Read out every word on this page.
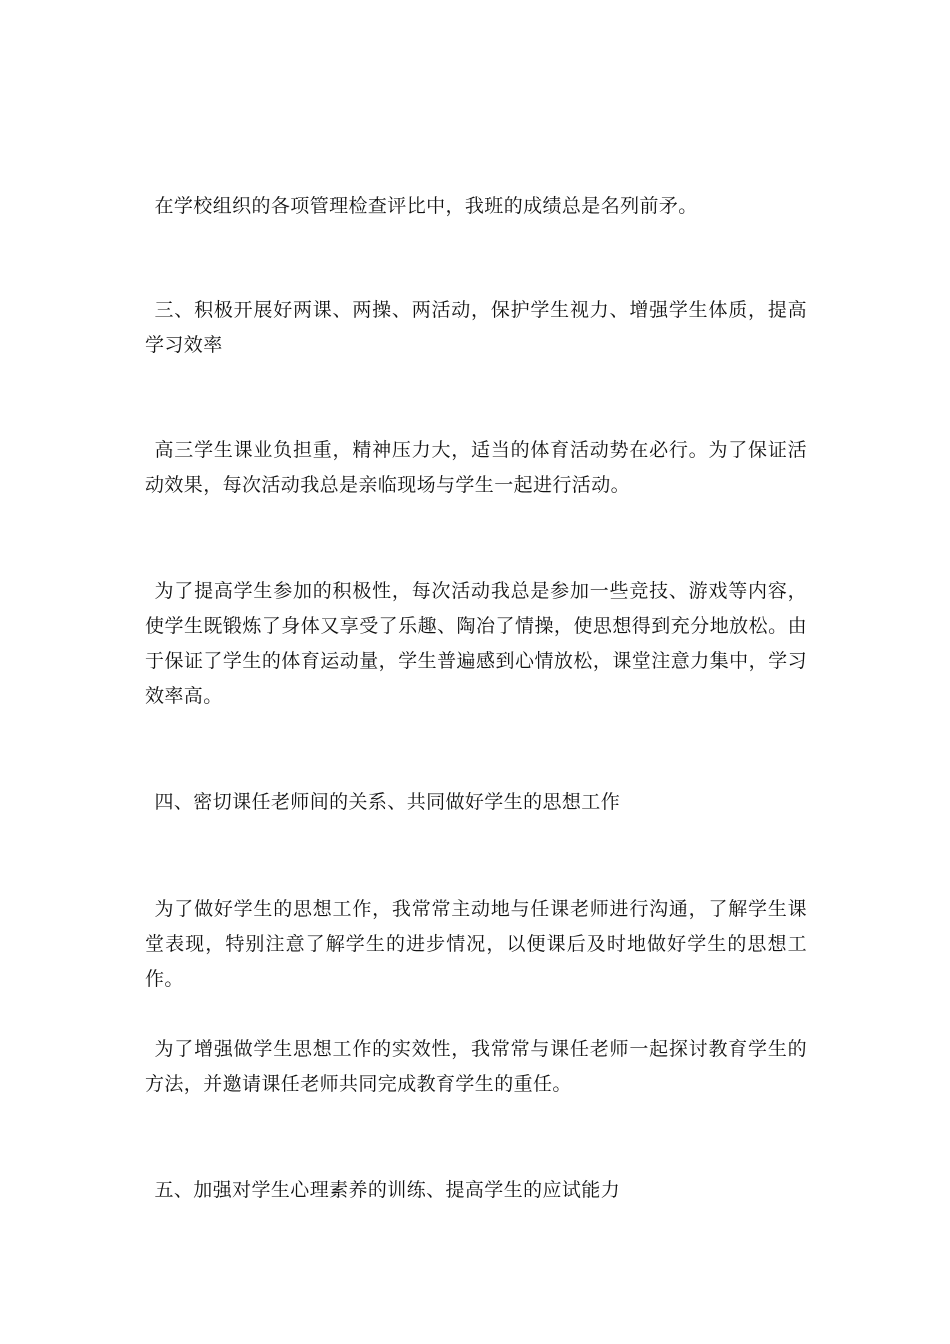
在学校组织的各项管理检查评比中，我班的成绩总是名列前矛。

三、积极开展好两课、两操、两活动，保护学生视力、增强学生体质，提高学习效率

高三学生课业负担重，精神压力大，适当的体育活动势在必行。为了保证活动效果，每次活动我总是亲临现场与学生一起进行活动。

为了提高学生参加的积极性，每次活动我总是参加一些竞技、游戏等内容，使学生既锻炼了身体又享受了乐趣、陶冶了情操，使思想得到充分地放松。由于保证了学生的体育运动量，学生普遍感到心情放松，课堂注意力集中，学习效率高。

四、密切课任老师间的关系、共同做好学生的思想工作

为了做好学生的思想工作，我常常主动地与任课老师进行沟通，了解学生课堂表现，特别注意了解学生的进步情况，以便课后及时地做好学生的思想工作。

为了增强做学生思想工作的实效性，我常常与课任老师一起探讨教育学生的方法，并邀请课任老师共同完成教育学生的重任。

五、加强对学生心理素养的训练、提高学生的应试能力
